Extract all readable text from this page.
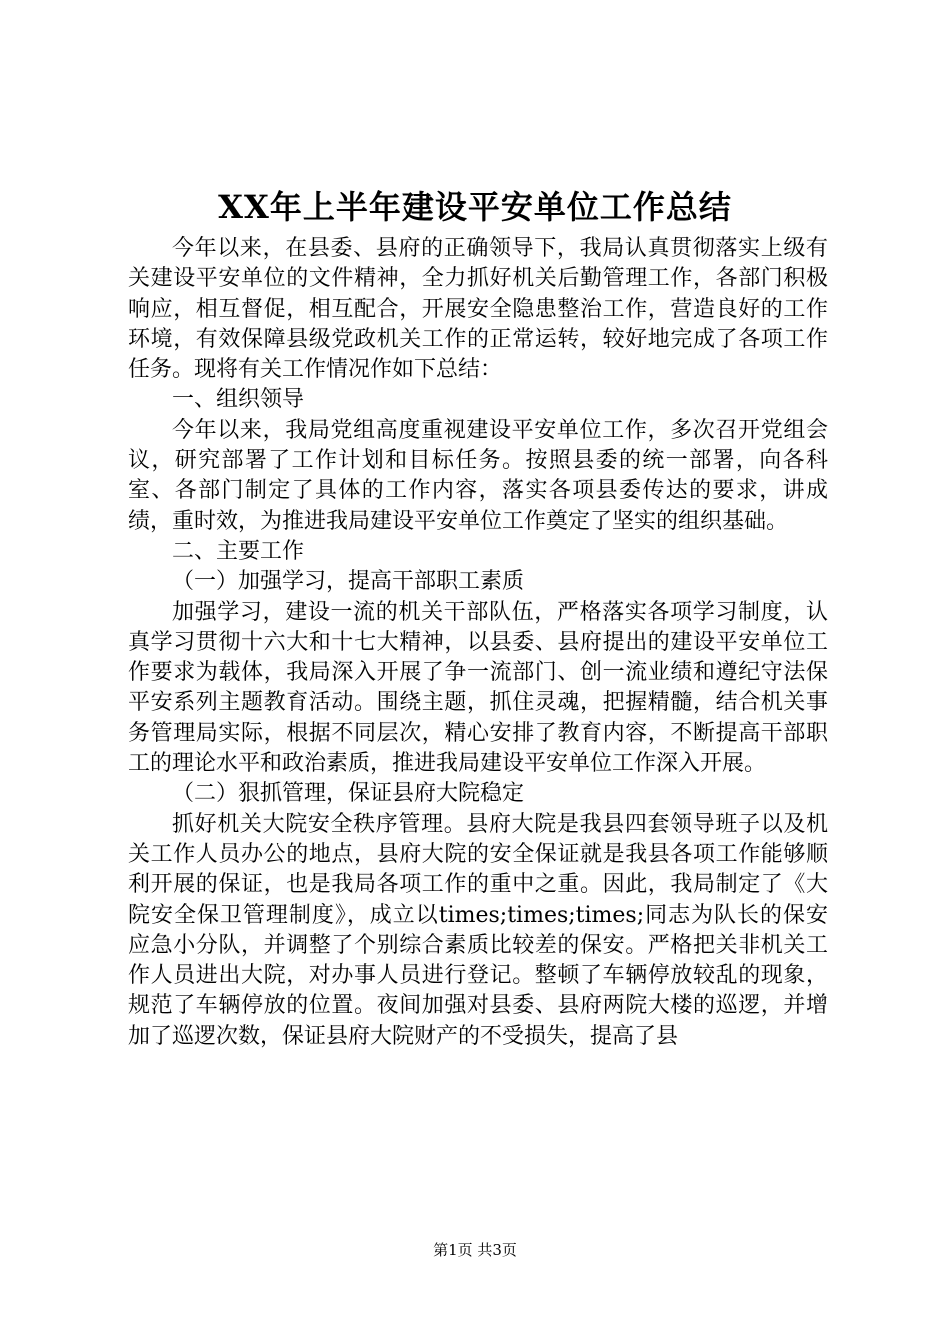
XX年上半年建设平安单位工作总结

今年以来，在县委、县府的正确领导下，我局认真贯彻落实上级有关建设平安单位的文件精神，全力抓好机关后勤管理工作，各部门积极响应，相互督促，相互配合，开展安全隐患整治工作，营造良好的工作环境，有效保障县级党政机关工作的正常运转，较好地完成了各项工作任务。现将有关工作情况作如下总结：

一、组织领导

今年以来，我局党组高度重视建设平安单位工作，多次召开党组会议，研究部署了工作计划和目标任务。按照县委的统一部署，向各科室、各部门制定了具体的工作内容，落实各项县委传达的要求，讲成绩，重时效，为推进我局建设平安单位工作奠定了坚实的组织基础。

二、主要工作

（一）加强学习，提高干部职工素质

加强学习，建设一流的机关干部队伍，严格落实各项学习制度，认真学习贯彻十六大和十七大精神，以县委、县府提出的建设平安单位工作要求为载体，我局深入开展了争一流部门、创一流业绩和遵纪守法保平安系列主题教育活动。围绕主题，抓住灵魂，把握精髓，结合机关事务管理局实际，根据不同层次，精心安排了教育内容，不断提高干部职工的理论水平和政治素质，推进我局建设平安单位工作深入开展。

（二）狠抓管理，保证县府大院稳定

抓好机关大院安全秩序管理。县府大院是我县四套领导班子以及机关工作人员办公的地点，县府大院的安全保证就是我县各项工作能够顺利开展的保证，也是我局各项工作的重中之重。因此，我局制定了《大院安全保卫管理制度》，成立以times;times;times;同志为队长的保安应急小分队，并调整了个别综合素质比较差的保安。严格把关非机关工作人员进出大院，对办事人员进行登记。整顿了车辆停放较乱的现象，规范了车辆停放的位置。夜间加强对县委、县府两院大楼的巡逻，并增加了巡逻次数，保证县府大院财产的不受损失，提高了县

第1页 共3页
